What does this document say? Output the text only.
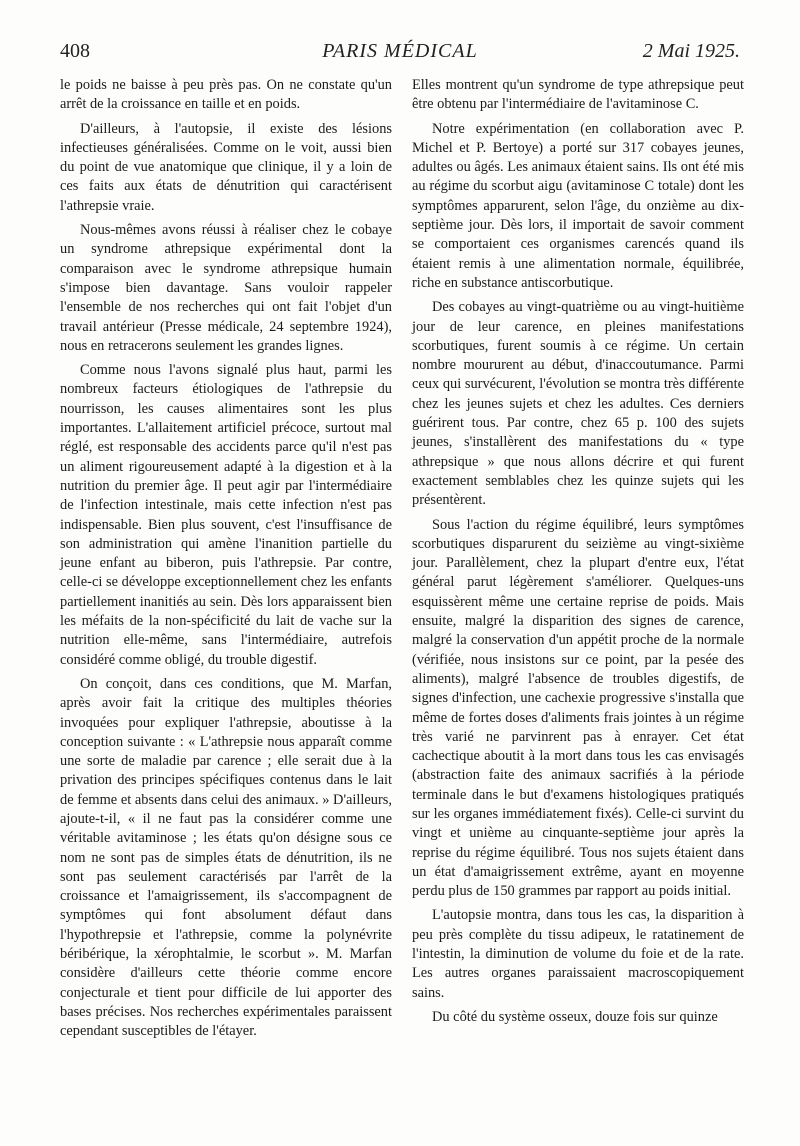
408	PARIS MÉDICAL	2 Mai 1925.

le poids ne baisse à peu près pas. On ne constate qu'un arrêt de la croissance en taille et en poids.

D'ailleurs, à l'autopsie, il existe des lésions infectieuses généralisées. Comme on le voit, aussi bien du point de vue anatomique que clinique, il y a loin de ces faits aux états de dénutrition qui caractérisent l'athrepsie vraie.

Nous-mêmes avons réussi à réaliser chez le cobaye un syndrome athrepsique expérimental dont la comparaison avec le syndrome athrepsique humain s'impose bien davantage. Sans vouloir rappeler l'ensemble de nos recherches qui ont fait l'objet d'un travail antérieur (Presse médicale, 24 septembre 1924), nous en retracerons seulement les grandes lignes.

Comme nous l'avons signalé plus haut, parmi les nombreux facteurs étiologiques de l'athrepsie du nourrisson, les causes alimentaires sont les plus importantes. L'allaitement artificiel précoce, surtout mal réglé, est responsable des accidents parce qu'il n'est pas un aliment rigoureusement adapté à la digestion et à la nutrition du premier âge. Il peut agir par l'intermédiaire de l'infection intestinale, mais cette infection n'est pas indispensable. Bien plus souvent, c'est l'insuffisance de son administration qui amène l'inanition partielle du jeune enfant au biberon, puis l'athrepsie. Par contre, celle-ci se développe exceptionnellement chez les enfants partiellement inanitiés au sein. Dès lors apparaissent bien les méfaits de la non-spécificité du lait de vache sur la nutrition elle-même, sans l'intermédiaire, autrefois considéré comme obligé, du trouble digestif.

On conçoit, dans ces conditions, que M. Marfan, après avoir fait la critique des multiples théories invoquées pour expliquer l'athrepsie, aboutisse à la conception suivante : « L'athrepsie nous apparaît comme une sorte de maladie par carence ; elle serait due à la privation des principes spécifiques contenus dans le lait de femme et absents dans celui des animaux. » D'ailleurs, ajoute-t-il, « il ne faut pas la considérer comme une véritable avitaminose ; les états qu'on désigne sous ce nom ne sont pas de simples états de dénutrition, ils ne sont pas seulement caractérisés par l'arrêt de la croissance et l'amaigrissement, ils s'accompagnent de symptômes qui font absolument défaut dans l'hypothrepsie et l'athrepsie, comme la polynévrite béribérique, la xérophtalmie, le scorbut ». M. Marfan considère d'ailleurs cette théorie comme encore conjecturale et tient pour difficile de lui apporter des bases précises. Nos recherches expérimentales paraissent cependant susceptibles de l'étayer.

Elles montrent qu'un syndrome de type athrepsique peut être obtenu par l'intermédiaire de l'avitaminose C.

Notre expérimentation (en collaboration avec P. Michel et P. Bertoye) a porté sur 317 cobayes jeunes, adultes ou âgés. Les animaux étaient sains. Ils ont été mis au régime du scorbut aigu (avitaminose C totale) dont les symptômes apparurent, selon l'âge, du onzième au dix-septième jour. Dès lors, il importait de savoir comment se comportaient ces organismes carencés quand ils étaient remis à une alimentation normale, équilibrée, riche en substance antiscorbutique.

Des cobayes au vingt-quatrième ou au vingt-huitième jour de leur carence, en pleines manifestations scorbutiques, furent soumis à ce régime. Un certain nombre moururent au début, d'inaccoutumance. Parmi ceux qui survécurent, l'évolution se montra très différente chez les jeunes sujets et chez les adultes. Ces derniers guérirent tous. Par contre, chez 65 p. 100 des sujets jeunes, s'installèrent des manifestations du « type athrepsique » que nous allons décrire et qui furent exactement semblables chez les quinze sujets qui les présentèrent.

Sous l'action du régime équilibré, leurs symptômes scorbutiques disparurent du seizième au vingt-sixième jour. Parallèlement, chez la plupart d'entre eux, l'état général parut légèrement s'améliorer. Quelques-uns esquissèrent même une certaine reprise de poids. Mais ensuite, malgré la disparition des signes de carence, malgré la conservation d'un appétit proche de la normale (vérifiée, nous insistons sur ce point, par la pesée des aliments), malgré l'absence de troubles digestifs, de signes d'infection, une cachexie progressive s'installa que même de fortes doses d'aliments frais jointes à un régime très varié ne parvinrent pas à enrayer. Cet état cachectique aboutit à la mort dans tous les cas envisagés (abstraction faite des animaux sacrifiés à la période terminale dans le but d'examens histologiques pratiqués sur les organes immédiatement fixés). Celle-ci survint du vingt et unième au cinquante-septième jour après la reprise du régime équilibré. Tous nos sujets étaient dans un état d'amaigrissement extrême, ayant en moyenne perdu plus de 150 grammes par rapport au poids initial.

L'autopsie montra, dans tous les cas, la disparition à peu près complète du tissu adipeux, le ratatinement de l'intestin, la diminution de volume du foie et de la rate. Les autres organes paraissaient macroscopiquement sains.

Du côté du système osseux, douze fois sur quinze
